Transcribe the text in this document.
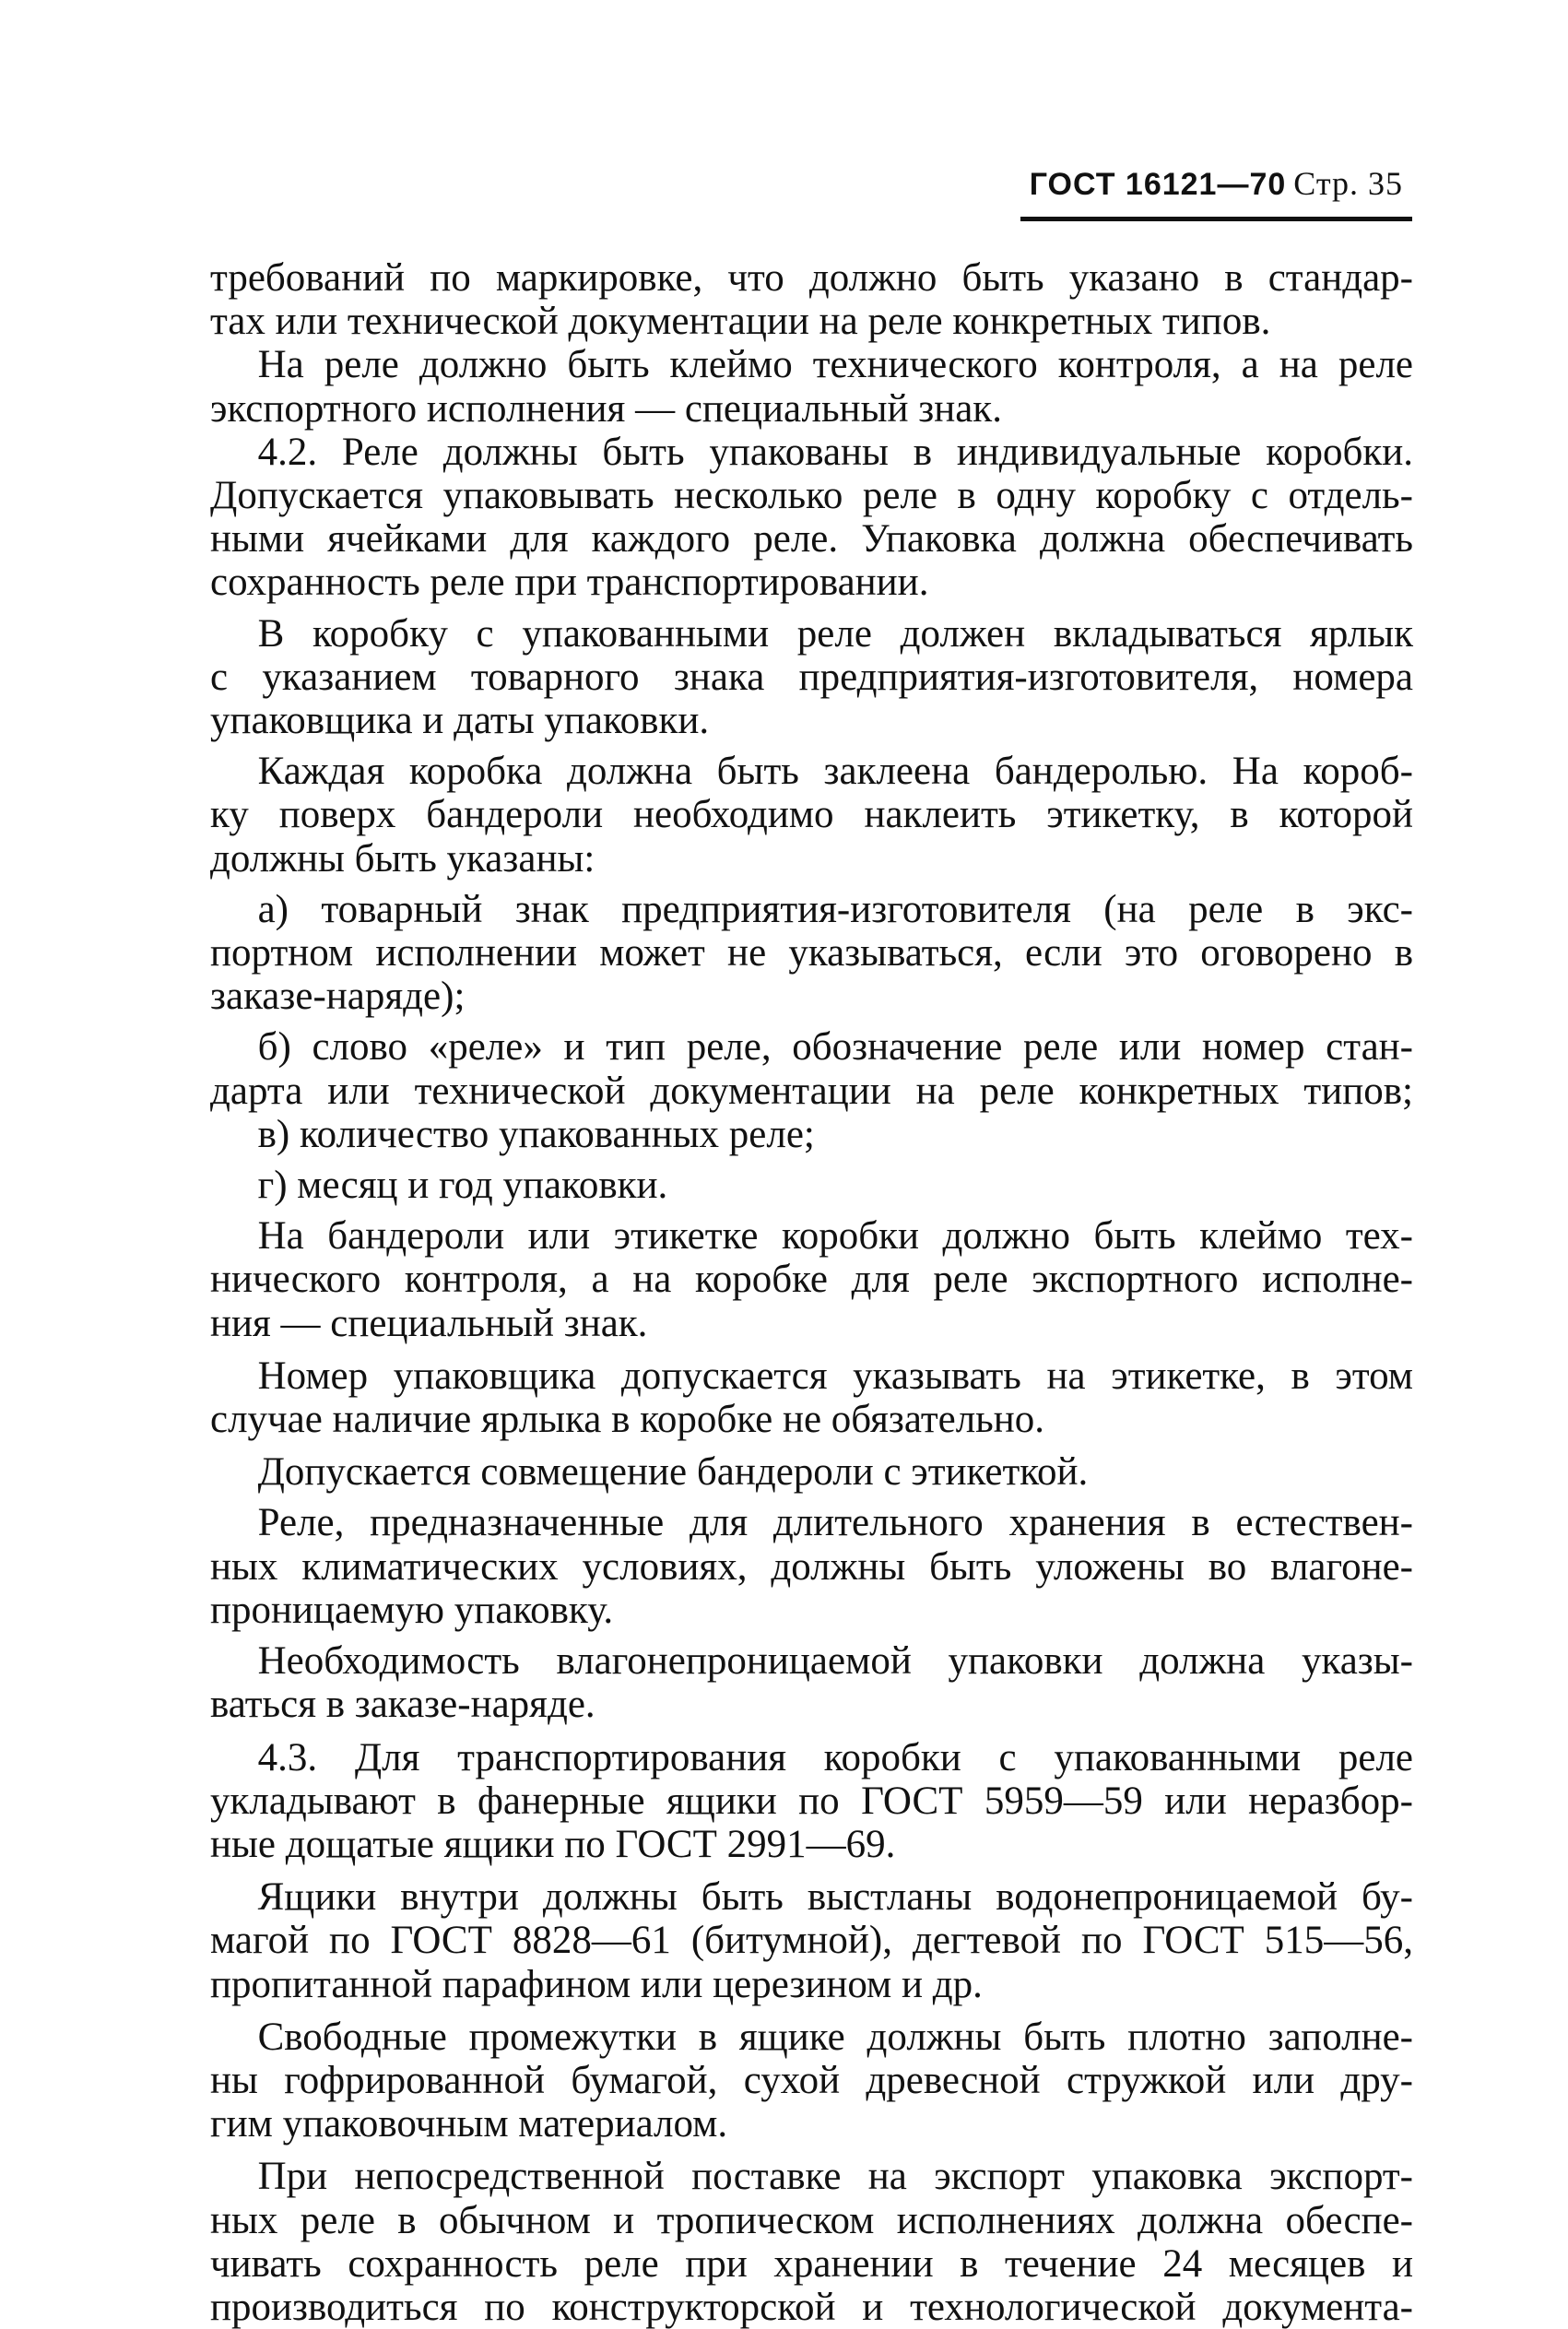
ГОСТ 16121—70 Стр. 35

требований по маркировке, что должно быть указано в стандар-
тах или технической документации на реле конкретных типов.

На реле должно быть клеймо технического контроля, а на реле
экспортного исполнения — специальный знак.

4.2. Реле должны быть упакованы в индивидуальные коробки.
Допускается упаковывать несколько реле в одну коробку с отдель-
ными ячейками для каждого реле. Упаковка должна обеспечивать
сохранность реле при транспортировании.

В коробку с упакованными реле должен вкладываться ярлык
с указанием товарного знака предприятия-изготовителя, номера
упаковщика и даты упаковки.

Каждая коробка должна быть заклеена бандеролью. На короб-
ку поверх бандероли необходимо наклеить этикетку, в которой
должны быть указаны:

а) товарный знак предприятия-изготовителя (на реле в экс-
портном исполнении может не указываться, если это оговорено в
заказе-наряде);

б) слово «реле» и тип реле, обозначение реле или номер стан-
дарта или технической документации на реле конкретных типов;

в) количество упакованных реле;

г) месяц и год упаковки.

На бандероли или этикетке коробки должно быть клеймо тех-
нического контроля, а на коробке для реле экспортного исполне-
ния — специальный знак.

Номер упаковщика допускается указывать на этикетке, в этом
случае наличие ярлыка в коробке не обязательно.

Допускается совмещение бандероли с этикеткой.

Реле, предназначенные для длительного хранения в естествен-
ных климатических условиях, должны быть уложены во влагоне-
проницаемую упаковку.

Необходимость влагонепроницаемой упаковки должна указы-
ваться в заказе-наряде.

4.3. Для транспортирования коробки с упакованными реле
укладывают в фанерные ящики по ГОСТ 5959—59 или неразбор-
ные дощатые ящики по ГОСТ 2991—69.

Ящики внутри должны быть выстланы водонепроницаемой бу-
магой по ГОСТ 8828—61 (битумной), дегтевой по ГОСТ 515—56,
пропитанной парафином или церезином и др.

Свободные промежутки в ящике должны быть плотно заполне-
ны гофрированной бумагой, сухой древесной стружкой или дру-
гим упаковочным материалом.

При непосредственной поставке на экспорт упаковка экспорт-
ных реле в обычном и тропическом исполнениях должна обеспе-
чивать сохранность реле при хранении в течение 24 месяцев и
производиться по конструкторской и технологической документа-
